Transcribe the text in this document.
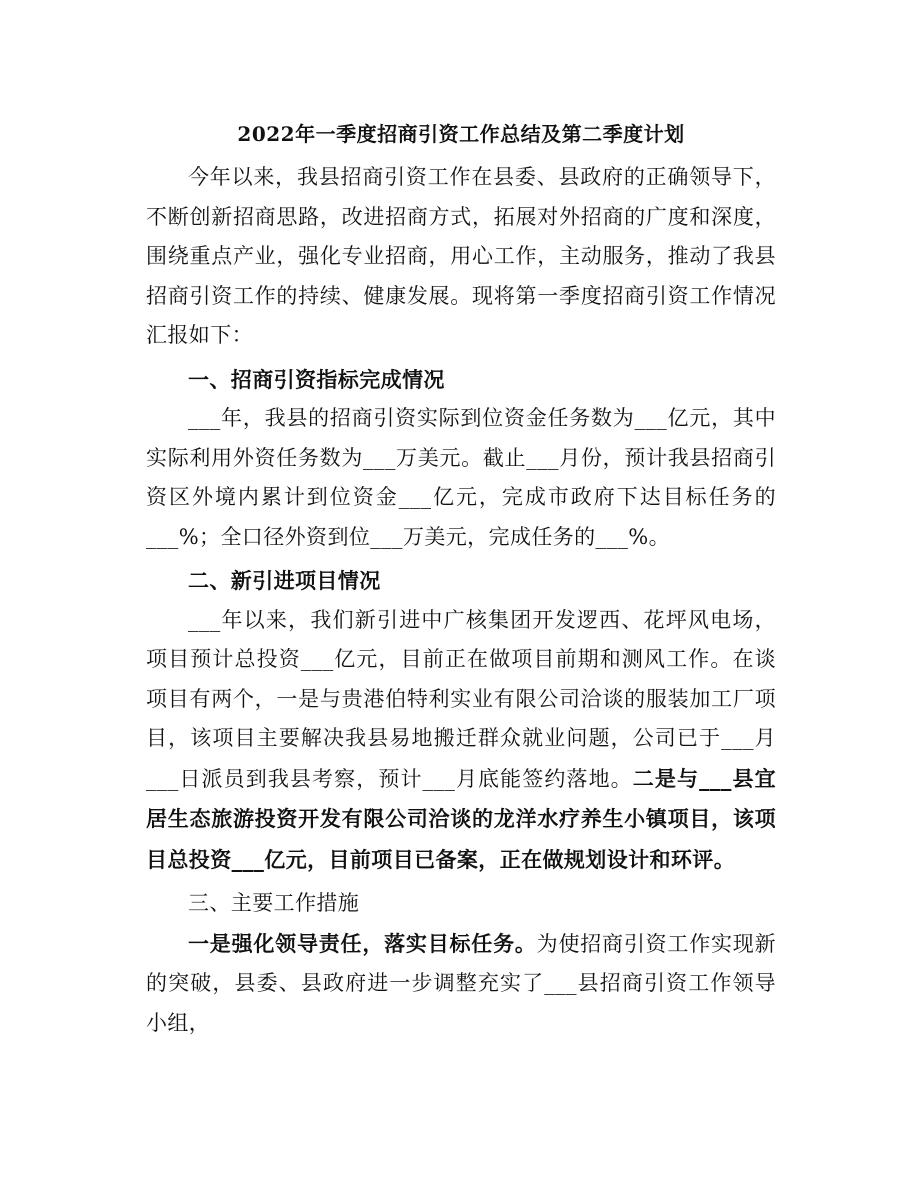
2022年一季度招商引资工作总结及第二季度计划

今年以来，我县招商引资工作在县委、县政府的正确领导下，不断创新招商思路，改进招商方式，拓展对外招商的广度和深度，围绕重点产业，强化专业招商，用心工作，主动服务，推动了我县招商引资工作的持续、健康发展。现将第一季度招商引资工作情况汇报如下：

一、招商引资指标完成情况

___年，我县的招商引资实际到位资金任务数为___亿元，其中实际利用外资任务数为___万美元。截止___月份，预计我县招商引资区外境内累计到位资金___亿元，完成市政府下达目标任务的___%；全口径外资到位___万美元，完成任务的___%。

二、新引进项目情况

___年以来，我们新引进中广核集团开发逻西、花坪风电场，项目预计总投资___亿元，目前正在做项目前期和测风工作。在谈项目有两个，一是与贵港伯特利实业有限公司洽谈的服装加工厂项目，该项目主要解决我县易地搬迁群众就业问题，公司已于___月___日派员到我县考察，预计___月底能签约落地。二是与___县宜居生态旅游投资开发有限公司洽谈的龙洋水疗养生小镇项目，该项目总投资___亿元，目前项目已备案，正在做规划设计和环评。

三、主要工作措施

一是强化领导责任，落实目标任务。为使招商引资工作实现新的突破，县委、县政府进一步调整充实了___县招商引资工作领导小组，
